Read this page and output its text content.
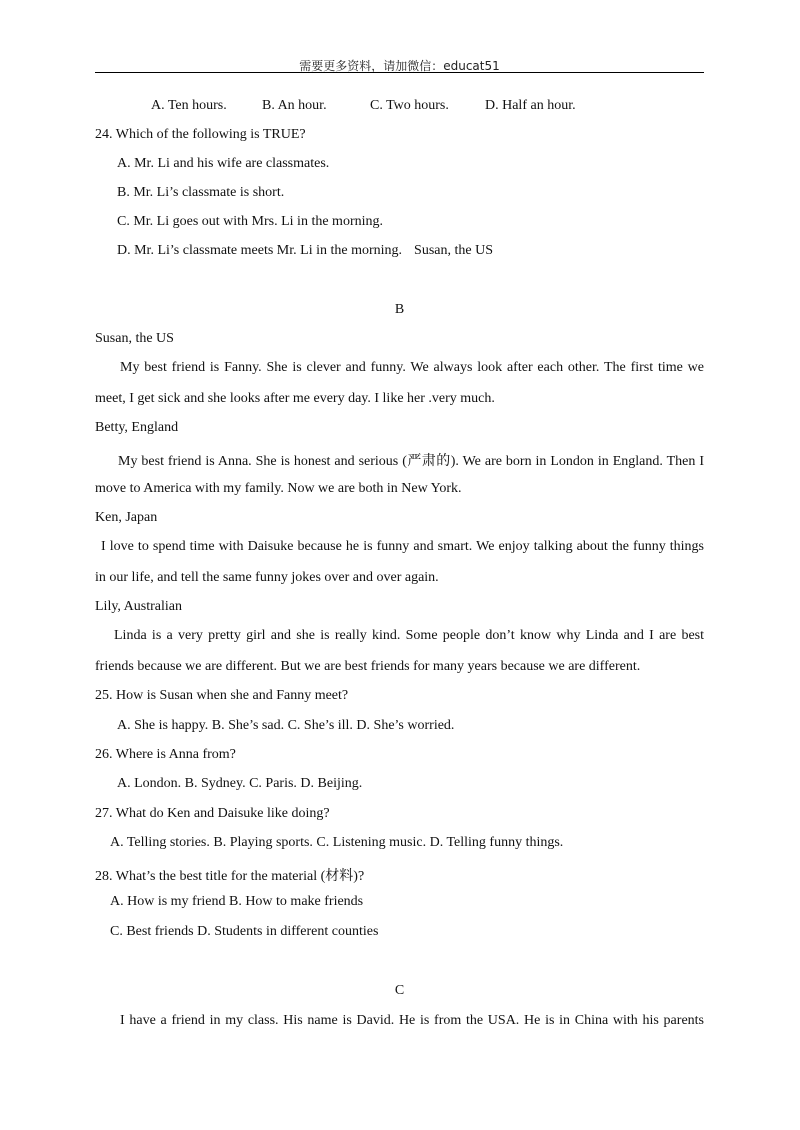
需要更多资料，请加微信：educat51
A. Ten hours.	B. An hour.	C. Two hours.	D. Half an hour.
24. Which of the following is TRUE?
A. Mr. Li and his wife are classmates.
B. Mr. Li’s classmate is short.
C. Mr. Li goes out with Mrs. Li in the morning.
D. Mr. Li’s classmate meets Mr. Li in the morning. Susan, the US
B
Susan, the US
My best friend is Fanny. She is clever and funny. We always look after each other. The first time we
meet, I get sick and she looks after me every day. I like her .very much.
Betty, England
My best friend is Anna. She is honest and serious (严肃的). We are born in London in England. Then I
move to America with my family. Now we are both in New York.
Ken, Japan
I love to spend time with Daisuke because he is funny and smart. We enjoy talking about the funny things
in our life, and tell the same funny jokes over and over again.
Lily, Australian
Linda is a very pretty girl and she is really kind. Some people don’t know why Linda and I are best
friends because we are different. But we are best friends for many years because we are different.
25. How is Susan when she and Fanny meet?
A. She is happy. B. She’s sad. C. She’s ill. D. She’s worried.
26. Where is Anna from?
A. London. B. Sydney. C. Paris. D. Beijing.
27. What do Ken and Daisuke like doing?
A. Telling stories. B. Playing sports. C. Listening music. D. Telling funny things.
28. What’s the best title for the material (材料)?
A. How is my friend B. How to make friends
C. Best friends D. Students in different counties
C
I have a friend in my class. His name is David. He is from the USA. He is in China with his parents
